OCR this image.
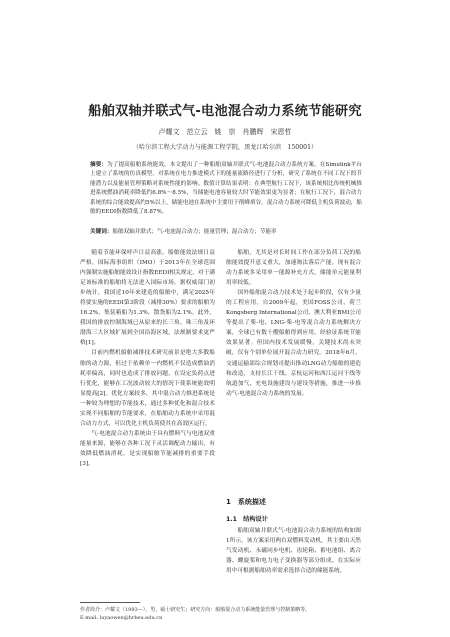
船舶双轴并联式气-电池混合动力系统节能研究
卢耀文　范立云　姚　崇　肖鹏辉　宋恩哲
（哈尔滨工程大学动力与能源工程学院，黑龙江哈尔滨　150001）
摘要：为了提高船舶系统能效，本文提出了一种船舶双轴并联式气-电池混合动力系统方案，在Simulink平台上建立了系统的仿真模型。对系统在电力推进模式下的能量流路径进行了分析，研究了系统在不同工况下的节能潜力以及能量管理策略对系统性能的影响。数值计算结果表明：在典型航行工况下，该系统相比传统机械推进系统燃油消耗率降低约6.8%～8.5%，当储能电池容量较大时节能效果更为显著；在航行工况下，混合动力系统的综合能效提高约5%以上，储能电池在系统中主要用于削峰填谷。混合动力系统可降低主机负荷波动，船舶的EEDI指数降低了8.87%。
关键词：船舶双轴并联式；气-电池混合动力；能量管理；混合动力；节能率

随着节能环保呼声日益高涨，船舶能效法规日益严格，国际海事组织（IMO）于2013年在全球范围内强制实施船舶能效设计指数EEDI相关规定，对于满足该标准的船舶将无法进入国际市场。据权威部门初步统计，我国近10年来建造的船舶中，满足2025年将要实施的EEDI第3阶段（减排30%）要求的船舶为16.2%，集装箱船为1.3%，散货船为2.1%。此外，我国的排放控制海域已从原来的长三角、珠三角及环渤海三大区域扩展到全国沿海区域，法规制要求更严格[1]。

目前内燃机船舶减排技术研究前景是绝大多数船舶的动力源，但过于依赖单一内燃机不仅造成燃油消耗率偏高，同时也造成了排放问题，在设定负荷点进行优化，能够在工况波动较大的情况下使系统能效明显提高[2]。优化方案较多，其中混合动力推进系统是一种较为理想的节能技术，通过多种优化和混合技术实现不同船舶的节能要求，在船舶动力系统中采用混合动力方式，可以优化主机负荷使其在高效区运行。

气-电池混合动力系统由于具有燃料气与电池双重能量来源，能够在各种工况下灵活调配动力输出，有效降低燃油消耗，是实现船舶节能减排的重要手段[3]。

船舶，尤其是对长时间工作在部分负荷工况的船舶能效提升意义重大，加速淘汰落后产能。现有混合动力系统多采用单一能源补充方式，储能单元能量利用率较低。

国外船舶混合动力技术处于起步阶段，仅有少量的工程应用。自2009年起，美国FOSS公司、荷兰Kongsberg International公司、澳大利亚BMI公司等提出了柴-电、LNG-柴-电等混合动力系统解决方案，全球已有数十艘船舶得到应用，经验证系统节能效果显著。但国内技术发展缓慢，关键技术尚未突破，仅有个别单位展开混合动力研究。2018年6月，交通运输部综合规划司提出推动LNG动力船舶的建造和改造，支持长江干线、京杭运河和西江运河干线等航道加气、充电设施建设与建设等措施，推进一步推动气-电池混合动力系统的发展。

1　系统描述
1.1　结构设计

船舶双轴并联式气-电池混合动力系统的结构如图1所示，该方案采用两台双燃料发动机，其主要由天然气发动机、永磁同步电机、齿轮箱、蓄电池组、离合器、螺旋桨和电力电子变换器等部分组成。在实际应用中可根据船舶功率需求选择合适的储能系统。

作者简介：卢耀文（1993—），男，硕士研究生；研究方向：船舶混合动力系统能量管理与控制策略等。
E-mail: luyaowen@hrbeu.edu.cn
